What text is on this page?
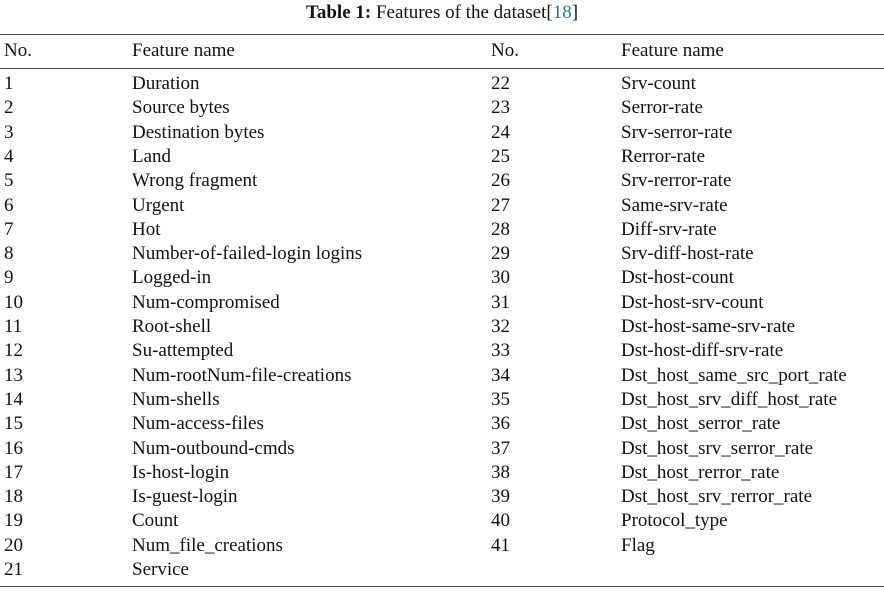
Table 1: Features of the dataset[18]
No.	Feature name	No.	Feature name
1	Duration	22	Srv-count
2	Source bytes	23	Serror-rate
3	Destination bytes	24	Srv-serror-rate
4	Land	25	Rerror-rate
5	Wrong fragment	26	Srv-rerror-rate
6	Urgent	27	Same-srv-rate
7	Hot	28	Diff-srv-rate
8	Number-of-failed-login logins	29	Srv-diff-host-rate
9	Logged-in	30	Dst-host-count
10	Num-compromised	31	Dst-host-srv-count
11	Root-shell	32	Dst-host-same-srv-rate
12	Su-attempted	33	Dst-host-diff-srv-rate
13	Num-rootNum-file-creations	34	Dst_host_same_src_port_rate
14	Num-shells	35	Dst_host_srv_diff_host_rate
15	Num-access-files	36	Dst_host_serror_rate
16	Num-outbound-cmds	37	Dst_host_srv_serror_rate
17	Is-host-login	38	Dst_host_rerror_rate
18	Is-guest-login	39	Dst_host_srv_rerror_rate
19	Count	40	Protocol_type
20	Num_file_creations	41	Flag
21	Service
